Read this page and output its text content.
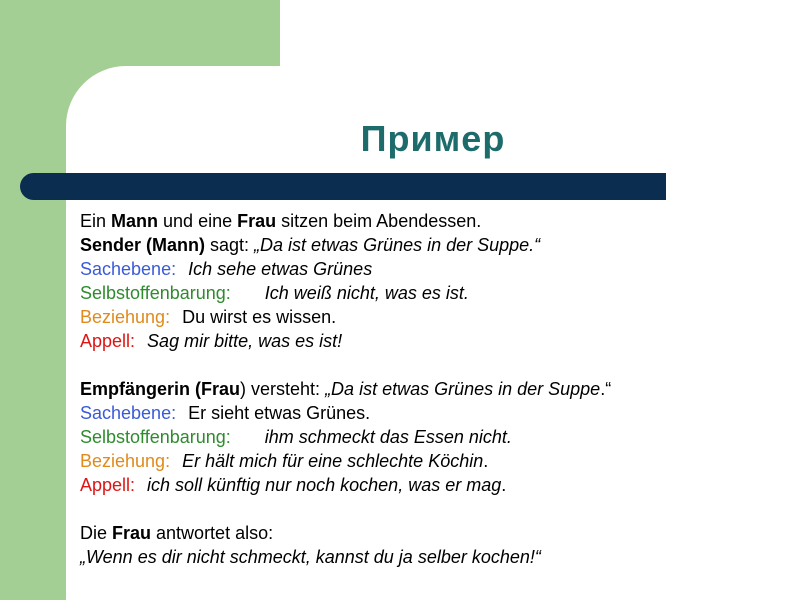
Пример
Ein Mann und eine Frau sitzen beim Abendessen.
Sender (Mann) sagt: „Da ist etwas Grünes in der Suppe.“
Sachebene: Ich sehe etwas Grünes
Selbstoffenbarung: Ich weiß nicht, was es ist.
Beziehung: Du wirst es wissen.
Appell: Sag mir bitte, was es ist!
Empfängerin (Frau) versteht: „Da ist etwas Grünes in der Suppe.“
Sachebene: Er sieht etwas Grünes.
Selbstoffenbarung: ihm schmeckt das Essen nicht.
Beziehung: Er hält mich für eine schlechte Köchin.
Appell: ich soll künftig nur noch kochen, was er mag.
Die Frau antwortet also:
„Wenn es dir nicht schmeckt, kannst du ja selber kochen!“
